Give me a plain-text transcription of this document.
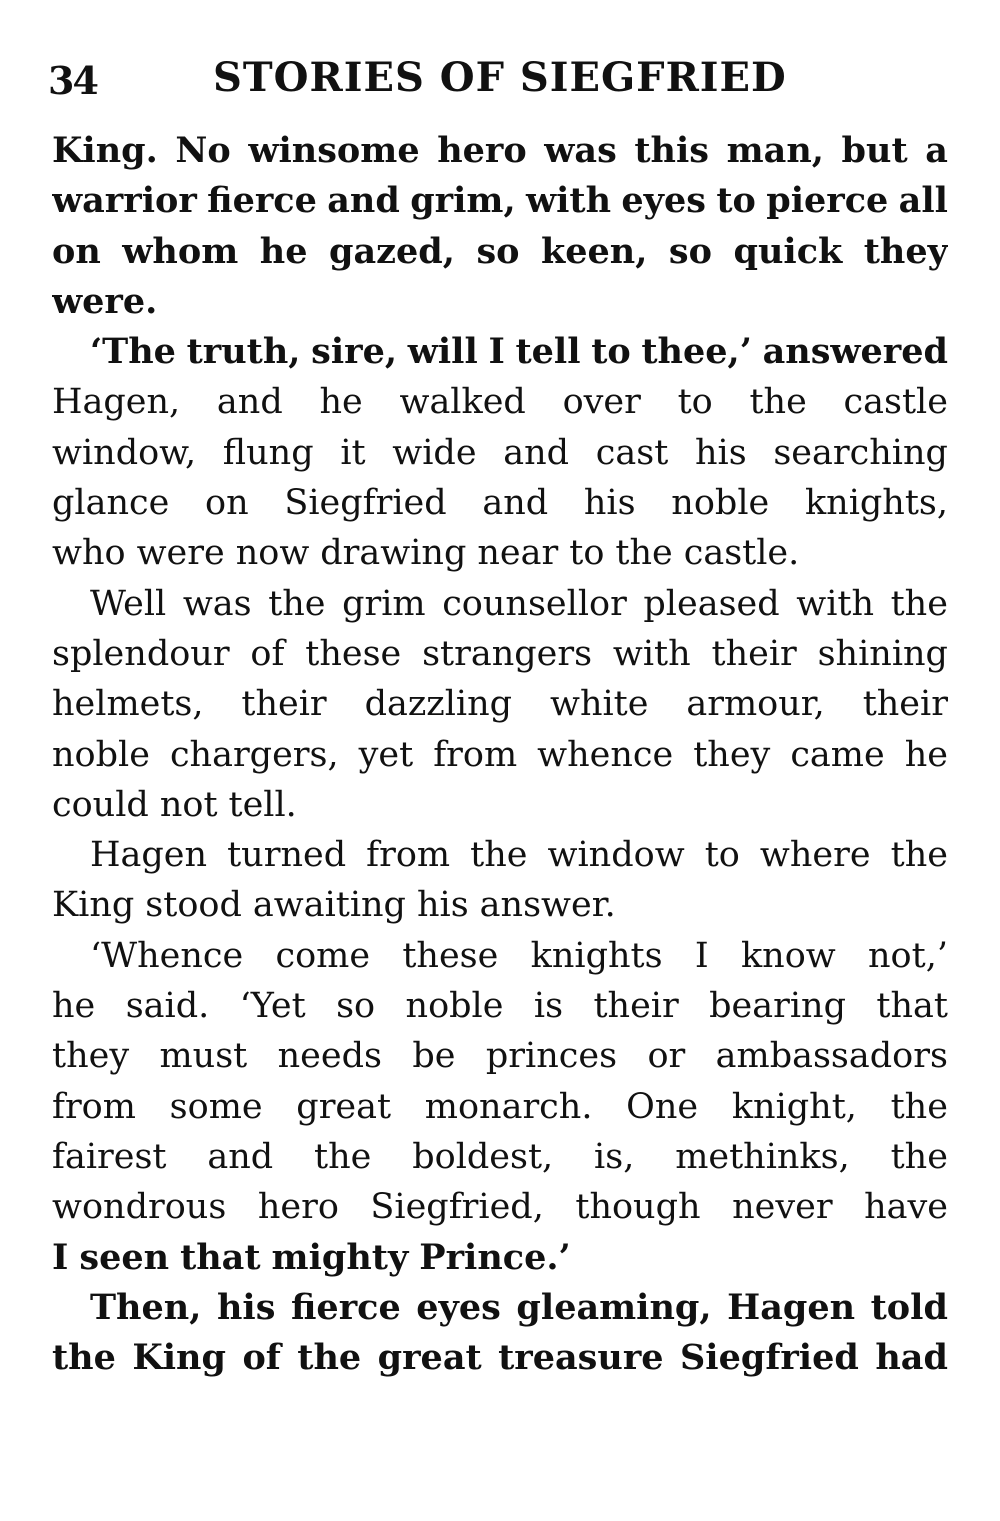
34	STORIES OF SIEGFRIED
King. No winsome hero was this man, but a
warrior fierce and grim, with eyes to pierce all
on whom he gazed, so keen, so quick they
were.
‘The truth, sire, will I tell to thee,’ answered
Hagen, and he walked over to the castle
window, flung it wide and cast his searching
glance on Siegfried and his noble knights,
who were now drawing near to the castle.
Well was the grim counsellor pleased with the
splendour of these strangers with their shining
helmets, their dazzling white armour, their
noble chargers, yet from whence they came he
could not tell.
Hagen turned from the window to where the
King stood awaiting his answer.
‘Whence come these knights I know not,’
he said. ‘Yet so noble is their bearing that
they must needs be princes or ambassadors
from some great monarch. One knight, the
fairest and the boldest, is, methinks, the
wondrous hero Siegfried, though never have
I seen that mighty Prince.’
Then, his fierce eyes gleaming, Hagen told
the King of the great treasure Siegfried had
